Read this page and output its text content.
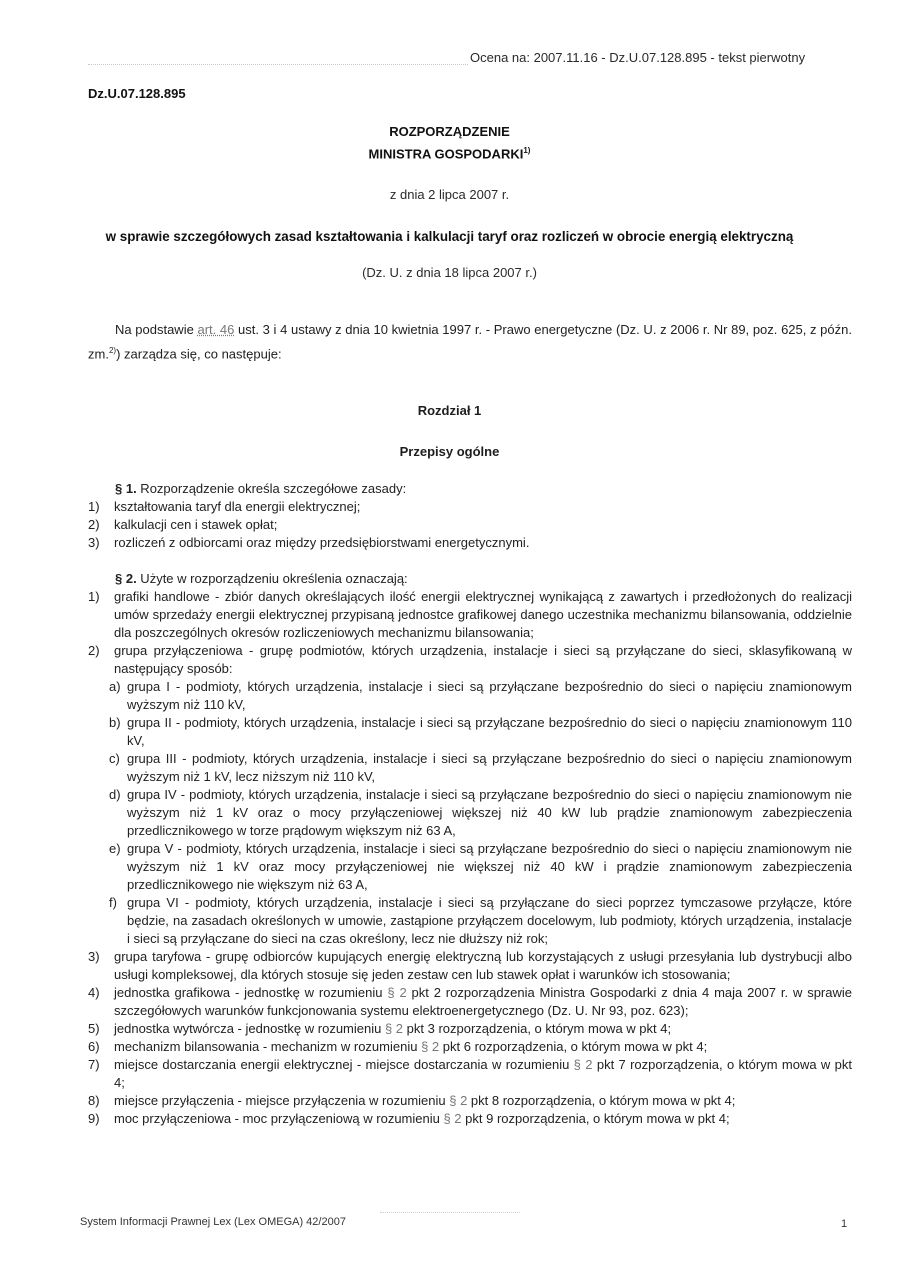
Ocena na: 2007.11.16 - Dz.U.07.128.895 - tekst pierwotny
Dz.U.07.128.895
ROZPORZĄDZENIE
MINISTRA GOSPODARKI$^{1)}$
z dnia 2 lipca 2007 r.
w sprawie szczegółowych zasad kształtowania i kalkulacji taryf oraz rozliczeń w obrocie energią elektryczną
(Dz. U. z dnia 18 lipca 2007 r.)

Na podstawie art. 46 ust. 3 i 4 ustawy z dnia 10 kwietnia 1997 r. - Prawo energetyczne (Dz. U. z 2006 r. Nr 89, poz. 625, z późn. zm.$^{2)}$) zarządza się, co następuje:

Rozdział 1
Przepisy ogólne

§ 1. Rozporządzenie określa szczegółowe zasady:

1)	kształtowania taryf dla energii elektrycznej;
2)	kalkulacji cen i stawek opłat;
3)	rozliczeń z odbiorcami oraz między przedsiębiorstwami energetycznymi.

§ 2. Użyte w rozporządzeniu określenia oznaczają:

1)	grafiki handlowe - zbiór danych określających ilość energii elektrycznej wynikającą z zawartych i przedłożonych do realizacji umów sprzedaży energii elektrycznej przypisaną jednostce grafikowej danego uczestnika mechanizmu bilansowania, oddzielnie dla poszczególnych okresów rozliczeniowych mechanizmu bilansowania;
2)	grupa przyłączeniowa - grupę podmiotów, których urządzenia, instalacje i sieci są przyłączane do sieci, sklasyfikowaną w następujący sposób:
a) grupa I - podmioty, których urządzenia, instalacje i sieci są przyłączane bezpośrednio do sieci o napięciu znamionowym wyższym niż 110 kV,
b) grupa II - podmioty, których urządzenia, instalacje i sieci są przyłączane bezpośrednio do sieci o napięciu znamionowym 110 kV,
c) grupa III - podmioty, których urządzenia, instalacje i sieci są przyłączane bezpośrednio do sieci o napięciu znamionowym wyższym niż 1 kV, lecz niższym niż 110 kV,
d) grupa IV - podmioty, których urządzenia, instalacje i sieci są przyłączane bezpośrednio do sieci o napięciu znamionowym nie wyższym niż 1 kV oraz o mocy przyłączeniowej większej niż 40 kW lub prądzie znamionowym zabezpieczenia przedlicznikowego w torze prądowym większym niż 63 A,
e) grupa V - podmioty, których urządzenia, instalacje i sieci są przyłączane bezpośrednio do sieci o napięciu znamionowym nie wyższym niż 1 kV oraz mocy przyłączeniowej nie większej niż 40 kW i prądzie znamionowym zabezpieczenia przedlicznikowego nie większym niż 63 A,
f) grupa VI - podmioty, których urządzenia, instalacje i sieci są przyłączane do sieci poprzez tymczasowe przyłącze, które będzie, na zasadach określonych w umowie, zastąpione przyłączem docelowym, lub podmioty, których urządzenia, instalacje i sieci są przyłączane do sieci na czas określony, lecz nie dłuższy niż rok;
3)	grupa taryfowa - grupę odbiorców kupujących energię elektryczną lub korzystających z usługi przesyłania lub dystrybucji albo usługi kompleksowej, dla których stosuje się jeden zestaw cen lub stawek opłat i warunków ich stosowania;
4)	jednostka grafikowa - jednostkę w rozumieniu § 2 pkt 2 rozporządzenia Ministra Gospodarki z dnia 4 maja 2007 r. w sprawie szczegółowych warunków funkcjonowania systemu elektroenergetycznego (Dz. U. Nr 93, poz. 623);
5)	jednostka wytwórcza - jednostkę w rozumieniu § 2 pkt 3 rozporządzenia, o którym mowa w pkt 4;
6)	mechanizm bilansowania - mechanizm w rozumieniu § 2 pkt 6 rozporządzenia, o którym mowa w pkt 4;
7)	miejsce dostarczania energii elektrycznej - miejsce dostarczania w rozumieniu § 2 pkt 7 rozporządzenia, o którym mowa w pkt 4;
8)	miejsce przyłączenia - miejsce przyłączenia w rozumieniu § 2 pkt 8 rozporządzenia, o którym mowa w pkt 4;
9)	moc przyłączeniowa - moc przyłączeniową w rozumieniu § 2 pkt 9 rozporządzenia, o którym mowa w pkt 4;
System Informacji Prawnej Lex (Lex OMEGA) 42/2007	1
